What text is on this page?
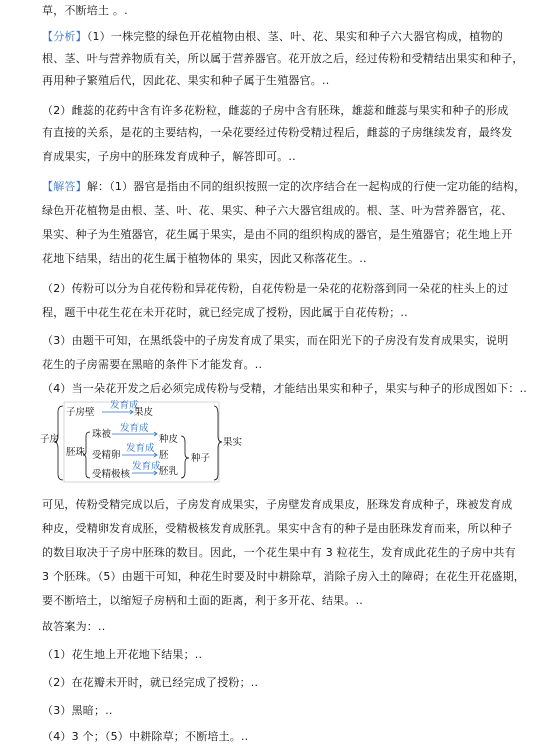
草，不断培土 。.
【分析】（1）一株完整的绿色开花植物由根、茎、叶、花、果实和种子六大器官构成，植物的
根、茎、叶与营养物质有关，所以属于营养器官。花开放之后，经过传粉和受精结出果实和种子，
再用种子繁殖后代，因此花、果实和种子属于生殖器官。..
（2）雌蕊的花药中含有许多花粉粒，雌蕊的子房中含有胚珠，雄蕊和雌蕊与果实和种子的形成
有直接的关系，是花的主要结构，一朵花要经过传粉受精过程后，雌蕊的子房继续发育，最终发
育成果实，子房中的胚珠发育成种子，解答即可。..
【解答】解：（1）器官是指由不同的组织按照一定的次序结合在一起构成的行使一定功能的结构，
绿色开花植物是由根、茎、叶、花、果实、种子六大器官组成的。根、茎、叶为营养器官，花、
果实、种子为生殖器官，花生属于果实，是由不同的组织构成的器官，是生殖器官；花生地上开
花地下结果，结出的花生属于植物体的 果实，因此又称落花生。..
（2）传粉可以分为自花传粉和异花传粉，自花传粉是一朵花的花粉落到同一朵花的柱头上的过
程，题干中花生花在未开花时，就已经完成了授粉，因此属于自花传粉；..
（3）由题干可知，在黑纸袋中的子房发育成了果实，而在阳光下的子房没有发育成果实，说明
花生的子房需要在黑暗的条件下才能发育。..
（4）当一朵花开发之后必须完成传粉与受精，才能结出果实和种子，果实与种子的形成图如下：..
子房
子房壁
发育成
果皮
胚珠
珠被
发育成
受精卵
发育成
受精极核
发育成
种皮
胚
胚乳
种子
果实
可见，传粉受精完成以后，子房发育成果实，子房壁发育成果皮，胚珠发育成种子，珠被发育成
种皮，受精卵发育成胚，受精极核发育成胚乳。果实中含有的种子是由胚珠发育而来，所以种子
的数目取决于子房中胚珠的数目。因此，一个花生果中有 3 粒花生，发育成此花生的子房中共有
3 个胚珠。（5）由题干可知，种花生时要及时中耕除草，消除子房入土的障碍；在花生开花盛期，
要不断培土，以缩短子房柄和土面的距离，利于多开花、结果。..
故答案为：..
（1）花生地上开花地下结果；..
（2）在花瓣未开时，就已经完成了授粉；..
（3）黑暗；..
（4）3 个；（5）中耕除草；不断培土。..
